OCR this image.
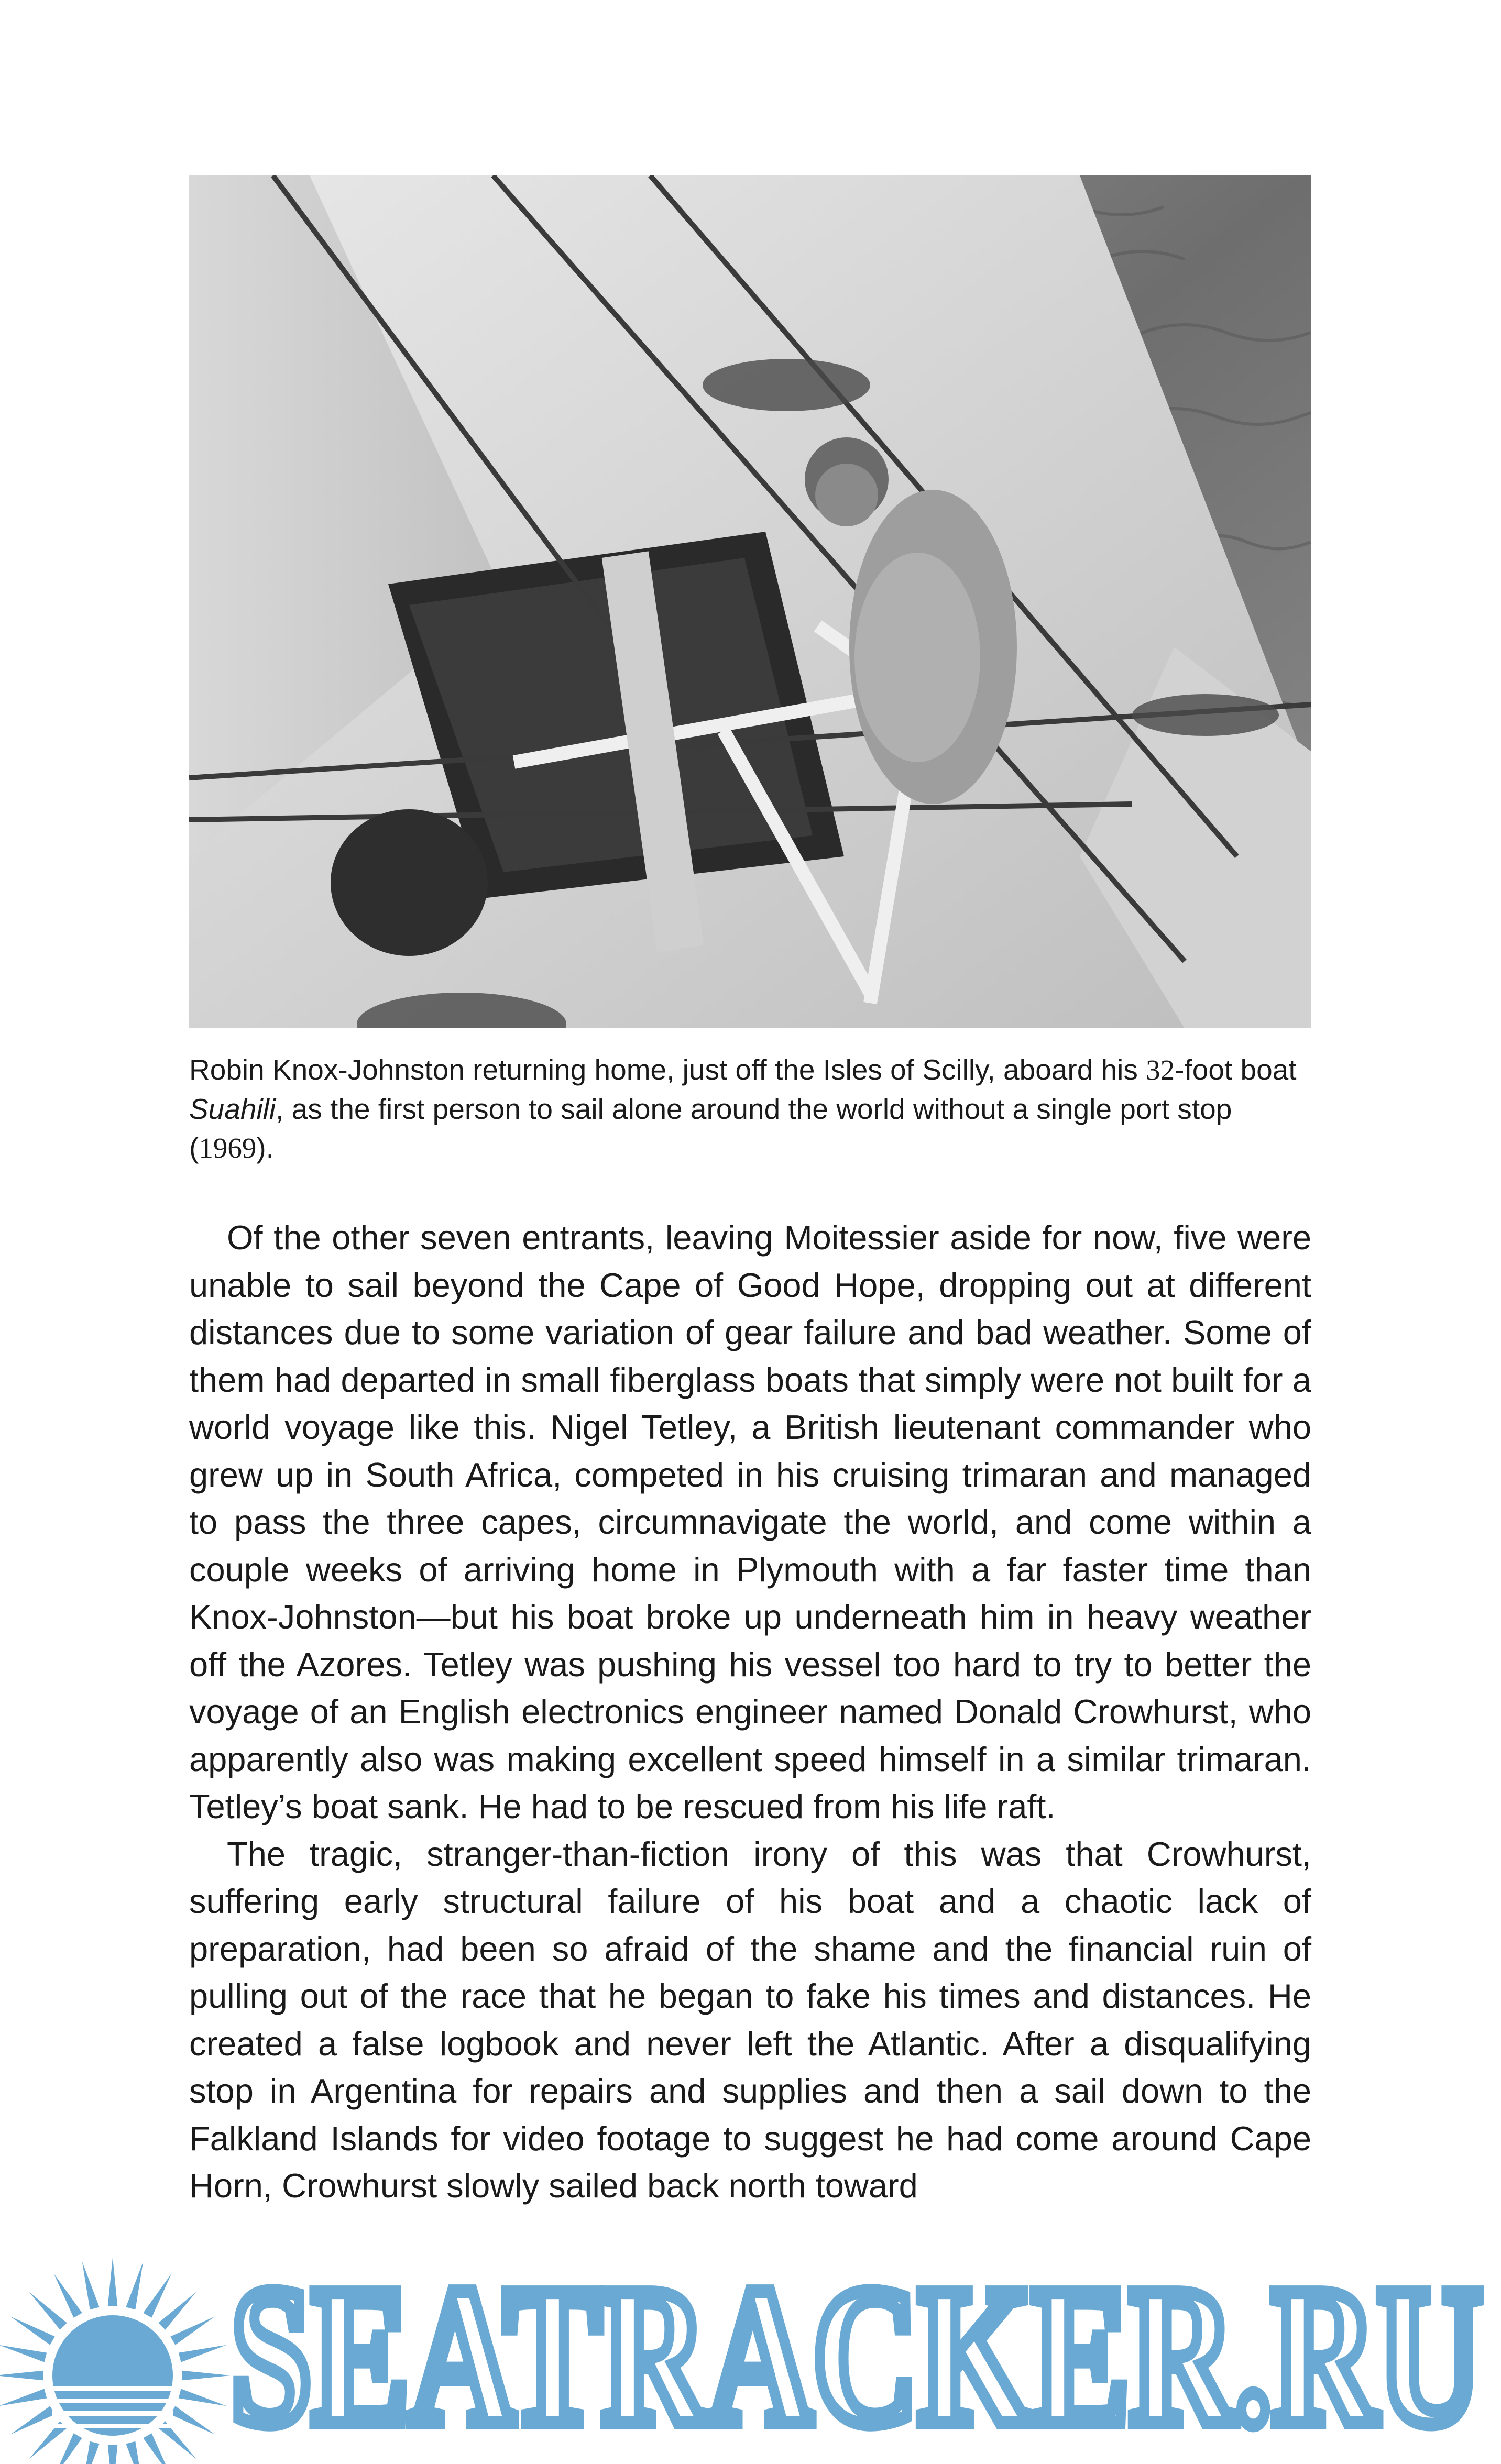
Robin Knox-Johnston returning home, just off the Isles of Scilly, aboard his 32-foot boat Suahili, as the first person to sail alone around the world without a single port stop (1969).

Of the other seven entrants, leaving Moitessier aside for now, five were unable to sail beyond the Cape of Good Hope, dropping out at different distances due to some variation of gear failure and bad weather. Some of them had departed in small fiberglass boats that simply were not built for a world voyage like this. Nigel Tetley, a British lieutenant commander who grew up in South Africa, competed in his cruising trimaran and managed to pass the three capes, circumnavigate the world, and come within a couple weeks of arriving home in Plymouth with a far faster time than Knox-Johnston—but his boat broke up underneath him in heavy weather off the Azores. Tetley was pushing his vessel too hard to try to better the voyage of an English electronics engineer named Donald Crowhurst, who apparently also was making excellent speed himself in a similar trimaran. Tetley’s boat sank. He had to be rescued from his life raft.

The tragic, stranger-than-fiction irony of this was that Crowhurst, suffering early structural failure of his boat and a chaotic lack of preparation, had been so afraid of the shame and the financial ruin of pulling out of the race that he began to fake his times and distances. He created a false logbook and never left the Atlantic. After a disqualifying stop in Argentina for repairs and supplies and then a sail down to the Falkland Islands for video footage to suggest he had come around Cape Horn, Crowhurst slowly sailed back north toward

SEATRACKER.RU
